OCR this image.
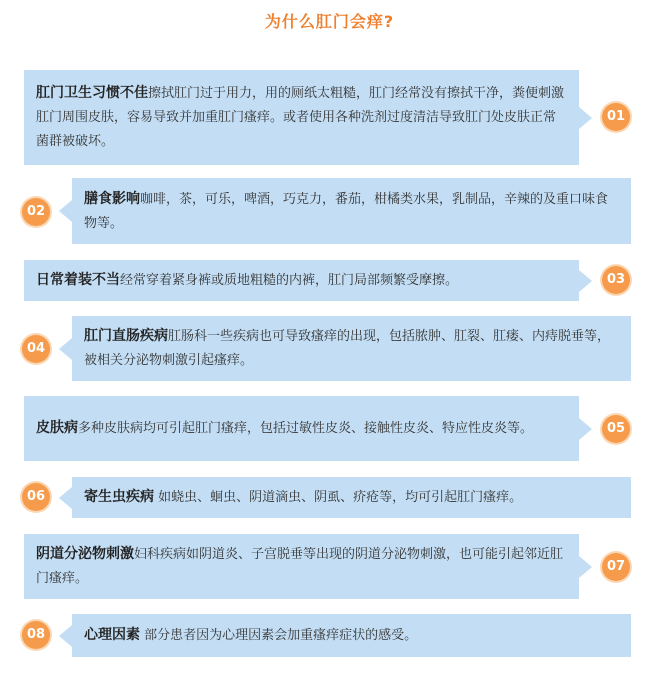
为什么肛门会痒?
肛门卫生习惯不佳擦拭肛门过于用力，用的厕纸太粗糙，肛门经常没有擦拭干净，粪便刺激肛门周围皮肤，容易导致并加重肛门瘙痒。或者使用各种洗剂过度清洁导致肛门处皮肤正常菌群被破坏。
01
膳食影响咖啡，茶，可乐，啤酒，巧克力，番茄，柑橘类水果，乳制品，辛辣的及重口味食物等。
02
日常着装不当经常穿着紧身裤或质地粗糙的内裤，肛门局部频繁受摩擦。	03
肛门直肠疾病肛肠科一些疾病也可导致瘙痒的出现，包括脓肿、肛裂、肛瘘、内痔脱垂等，被相关分泌物刺激引起瘙痒。
04
皮肤病多种皮肤病均可引起肛门瘙痒，包括过敏性皮炎、接触性皮炎、特应性皮炎等。	05
寄生虫疾病 如蛲虫、蛔虫、阴道滴虫、阴虱、疥疮等，均可引起肛门瘙痒。
06
阴道分泌物刺激妇科疾病如阴道炎、子宫脱垂等出现的阴道分泌物刺激，也可能引起邻近肛门瘙痒。
07
心理因素 部分患者因为心理因素会加重瘙痒症状的感受。
08
